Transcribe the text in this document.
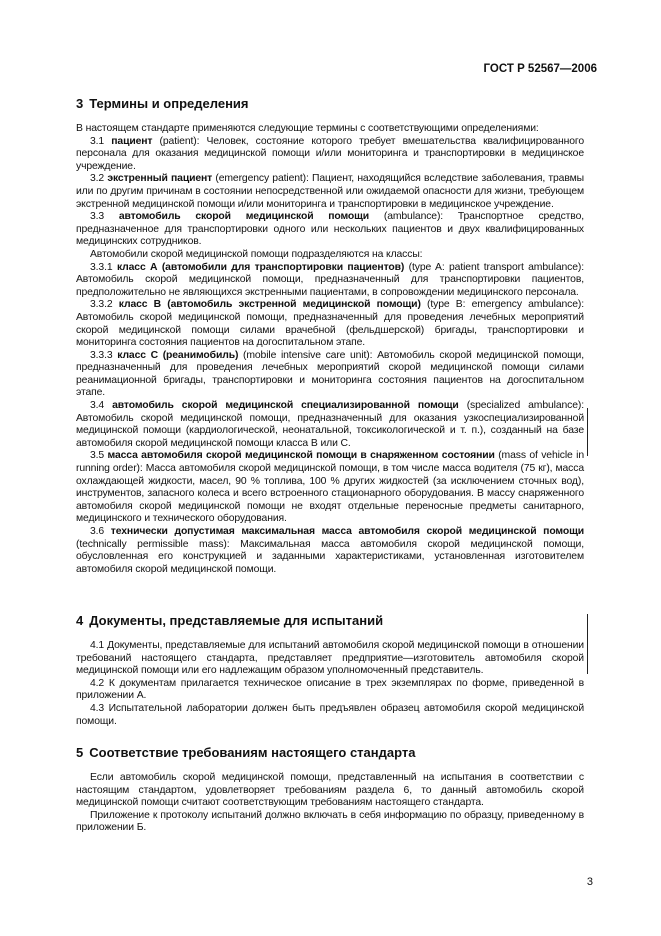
ГОСТ Р 52567—2006
3 Термины и определения

В настоящем стандарте применяются следующие термины с соответствующими определениями:

3.1 пациент (patient): Человек, состояние которого требует вмешательства квалифицированного персонала для оказания медицинской помощи и/или мониторинга и транспортировки в медицинское учреждение.

3.2 экстренный пациент (emergency patient): Пациент, находящийся вследствие заболевания, травмы или по другим причинам в состоянии непосредственной или ожидаемой опасности для жизни, требующем экстренной медицинской помощи и/или мониторинга и транспортировки в медицинское учреждение.

3.3 автомобиль скорой медицинской помощи (ambulance): Транспортное средство, предназначенное для транспортировки одного или нескольких пациентов и двух квалифицированных медицинских сотрудников.

Автомобили скорой медицинской помощи подразделяются на классы:

3.3.1 класс А (автомобили для транспортировки пациентов) (type A: patient transport ambulance): Автомобиль скорой медицинской помощи, предназначенный для транспортировки пациентов, предположительно не являющихся экстренными пациентами, в сопровождении медицинского персонала.

3.3.2 класс В (автомобиль экстренной медицинской помощи) (type B: emergency ambulance): Автомобиль скорой медицинской помощи, предназначенный для проведения лечебных мероприятий скорой медицинской помощи силами врачебной (фельдшерской) бригады, транспортировки и мониторинга состояния пациентов на догоспитальном этапе.

3.3.3 класс С (реанимобиль) (mobile intensive care unit): Автомобиль скорой медицинской помощи, предназначенный для проведения лечебных мероприятий скорой медицинской помощи силами реанимационной бригады, транспортировки и мониторинга состояния пациентов на догоспитальном этапе.

3.4 автомобиль скорой медицинской специализированной помощи (specialized ambulance): Автомобиль скорой медицинской помощи, предназначенный для оказания узкоспециализированной медицинской помощи (кардиологической, неонатальной, токсикологической и т. п.), созданный на базе автомобиля скорой медицинской помощи класса В или С.

3.5 масса автомобиля скорой медицинской помощи в снаряженном состоянии (mass of vehicle in running order): Масса автомобиля скорой медицинской помощи, в том числе масса водителя (75 кг), масса охлаждающей жидкости, масел, 90 % топлива, 100 % других жидкостей (за исключением сточных вод), инструментов, запасного колеса и всего встроенного стационарного оборудования. В массу снаряженного автомобиля скорой медицинской помощи не входят отдельные переносные предметы санитарного, медицинского и технического оборудования.

3.6 технически допустимая максимальная масса автомобиля скорой медицинской помощи (technically permissible mass): Максимальная масса автомобиля скорой медицинской помощи, обусловленная его конструкцией и заданными характеристиками, установленная изготовителем автомобиля скорой медицинской помощи.

4 Документы, представляемые для испытаний

4.1 Документы, представляемые для испытаний автомобиля скорой медицинской помощи в отношении требований настоящего стандарта, представляет предприятие—изготовитель автомобиля скорой медицинской помощи или его надлежащим образом уполномоченный представитель.

4.2 К документам прилагается техническое описание в трех экземплярах по форме, приведенной в приложении А.

4.3 Испытательной лаборатории должен быть предъявлен образец автомобиля скорой медицинской помощи.

5 Соответствие требованиям настоящего стандарта

Если автомобиль скорой медицинской помощи, представленный на испытания в соответствии с настоящим стандартом, удовлетворяет требованиям раздела 6, то данный автомобиль скорой медицинской помощи считают соответствующим требованиям настоящего стандарта.

Приложение к протоколу испытаний должно включать в себя информацию по образцу, приведенному в приложении Б.

3
